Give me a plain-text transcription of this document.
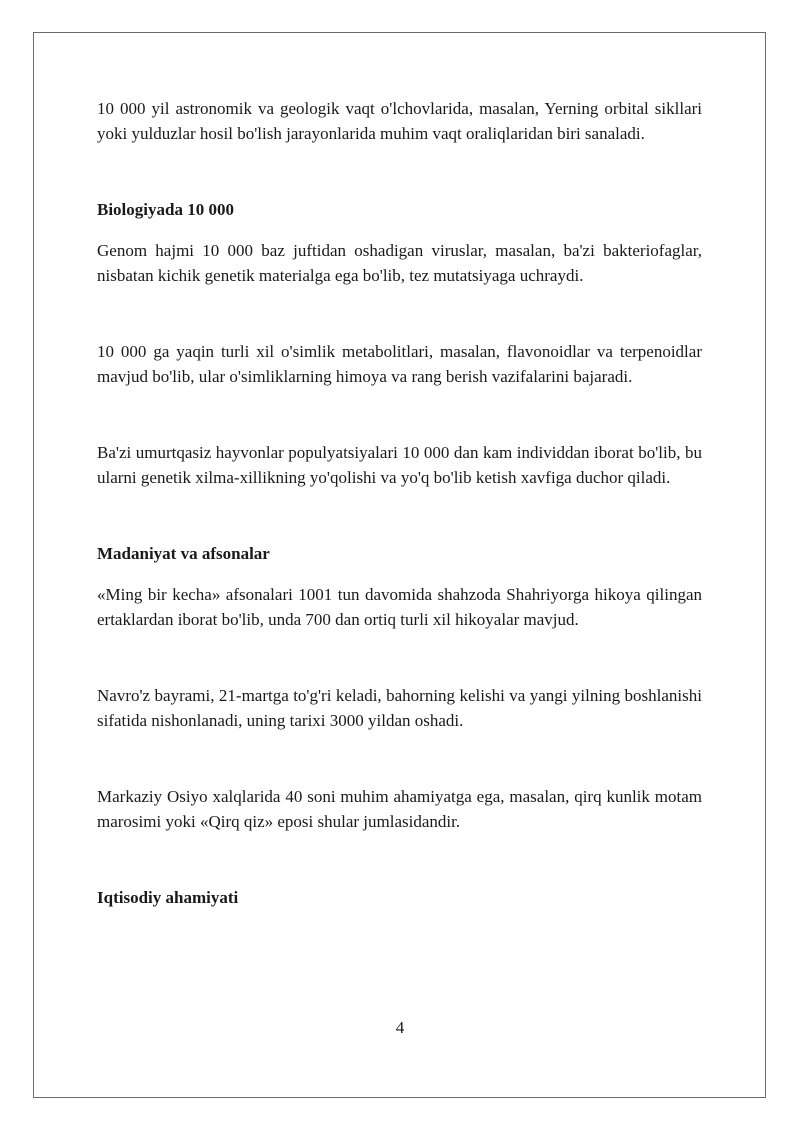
10 000 yil astronomik va geologik vaqt o'lchovlarida, masalan, Yerning orbital sikllari yoki yulduzlar hosil bo'lish jarayonlarida muhim vaqt oraliqlaridan biri sanaladi.

Biologiyada 10 000

Genom hajmi 10 000 baz juftidan oshadigan viruslar, masalan, ba'zi bakteriofaglar, nisbatan kichik genetik materialga ega bo'lib, tez mutatsiyaga uchraydi.

10 000 ga yaqin turli xil o'simlik metabolitlari, masalan, flavonoidlar va terpenoidlar mavjud bo'lib, ular o'simliklarning himoya va rang berish vazifalarini bajaradi.

Ba'zi umurtqasiz hayvonlar populyatsiyalari 10 000 dan kam individdan iborat bo'lib, bu ularni genetik xilma-xillikning yo'qolishi va yo'q bo'lib ketish xavfiga duchor qiladi.

Madaniyat va afsonalar

«Ming bir kecha» afsonalari 1001 tun davomida shahzoda Shahriyorga hikoya qilingan ertaklardan iborat bo'lib, unda 700 dan ortiq turli xil hikoyalar mavjud.

Navro'z bayrami, 21-martga to'g'ri keladi, bahorning kelishi va yangi yilning boshlanishi sifatida nishonlanadi, uning tarixi 3000 yildan oshadi.

Markaziy Osiyo xalqlarida 40 soni muhim ahamiyatga ega, masalan, qirq kunlik motam marosimi yoki «Qirq qiz» eposi shular jumlasidandir.

Iqtisodiy ahamiyati

4
